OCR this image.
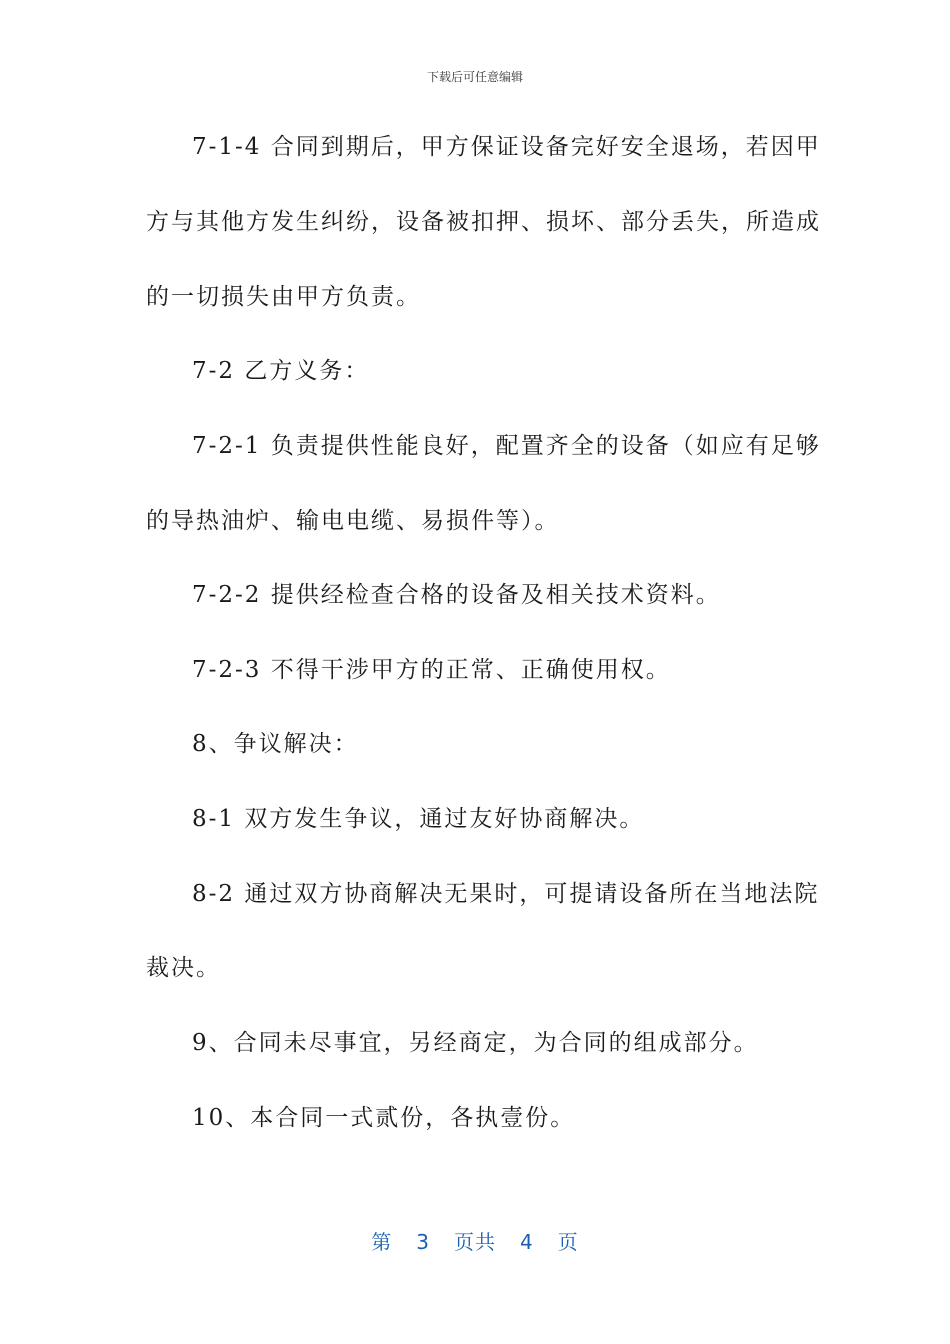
下载后可任意编辑
7-1-4 合同到期后，甲方保证设备完好安全退场，若因甲
方与其他方发生纠纷，设备被扣押、损坏、部分丢失，所造成
的一切损失由甲方负责。
7-2 乙方义务：
7-2-1 负责提供性能良好，配置齐全的设备（如应有足够
的导热油炉、输电电缆、易损件等）。
7-2-2 提供经检查合格的设备及相关技术资料。
7-2-3 不得干涉甲方的正常、正确使用权。
8、争议解决：
8-1 双方发生争议，通过友好协商解决。
8-2 通过双方协商解决无果时，可提请设备所在当地法院
裁决。
9、合同未尽事宜，另经商定，为合同的组成部分。
10、本合同一式贰份，各执壹份。
第 3 页共 4 页
